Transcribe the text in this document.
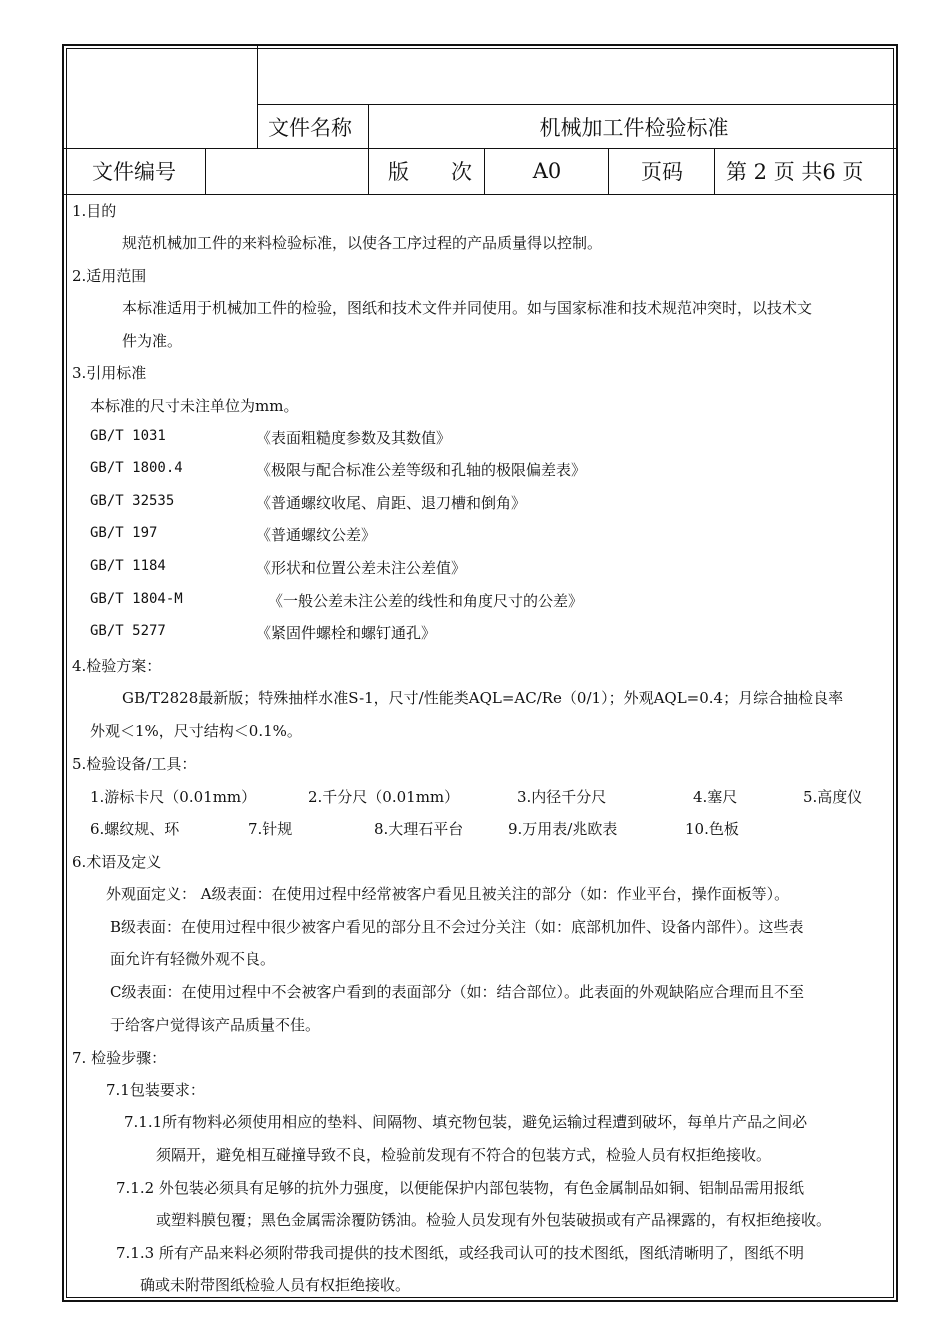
文件名称	机械加工件检验标准
文件编号	版　　次	A0	页码	第 2 页 共6 页
1.目的
规范机械加工件的来料检验标准，以使各工序过程的产品质量得以控制。
2.适用范围
本标准适用于机械加工件的检验，图纸和技术文件并同使用。如与国家标准和技术规范冲突时，以技术文
件为准。
3.引用标准
本标准的尺寸未注单位为mm。
GB/T 1031	《表面粗糙度参数及其数值》
GB/T 1800.4	《极限与配合标准公差等级和孔轴的极限偏差表》
GB/T 32535	《普通螺纹收尾、肩距、退刀槽和倒角》
GB/T 197	《普通螺纹公差》
GB/T 1184	《形状和位置公差未注公差值》
GB/T 1804-M	《一般公差未注公差的线性和角度尺寸的公差》
GB/T 5277	《紧固件螺栓和螺钉通孔》
4.检验方案：
GB/T2828最新版；特殊抽样水准S-1，尺寸/性能类AQL=AC/Re（0/1）；外观AQL=0.4；月综合抽检良率
外观＜1%，尺寸结构＜0.1%。
5.检验设备/工具：
1.游标卡尺（0.01mm）	2.千分尺（0.01mm）	3.内径千分尺	4.塞尺	5.高度仪
6.螺纹规、环	7.针规	8.大理石平台	9.万用表/兆欧表	10.色板
6.术语及定义
外观面定义： A级表面：在使用过程中经常被客户看见且被关注的部分（如：作业平台，操作面板等）。
B级表面：在使用过程中很少被客户看见的部分且不会过分关注（如：底部机加件、设备内部件）。这些表
面允许有轻微外观不良。
C级表面：在使用过程中不会被客户看到的表面部分（如：结合部位）。此表面的外观缺陷应合理而且不至
于给客户觉得该产品质量不佳。
7. 检验步骤：
7.1包装要求：
7.1.1所有物料必须使用相应的垫料、间隔物、填充物包装，避免运输过程遭到破坏，每单片产品之间必
须隔开，避免相互碰撞导致不良，检验前发现有不符合的包装方式，检验人员有权拒绝接收。
7.1.2 外包装必须具有足够的抗外力强度，以便能保护内部包装物，有色金属制品如铜、铝制品需用报纸
或塑料膜包覆；黑色金属需涂覆防锈油。检验人员发现有外包装破损或有产品裸露的，有权拒绝接收。
7.1.3 所有产品来料必须附带我司提供的技术图纸，或经我司认可的技术图纸，图纸清晰明了，图纸不明
确或未附带图纸检验人员有权拒绝接收。
